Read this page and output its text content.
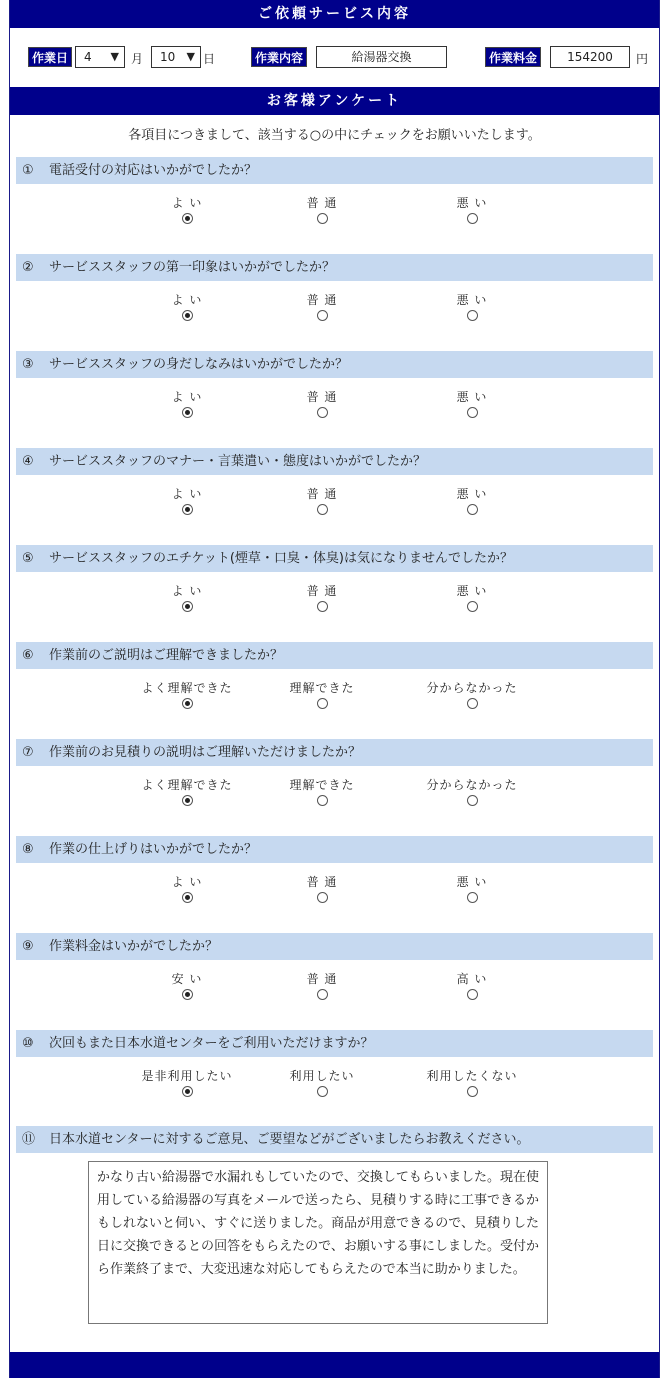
ご依頼サービス内容
作業日	4 ▼ 月	10 ▼ 日	作業内容	給湯器交換	作業料金	154200	円
お客様アンケート
各項目につきまして、該当する○の中にチェックをお願いいたします。
① 電話受付の対応はいかがでしたか？
よ い	普 通	悪 い
② サービススタッフの第一印象はいかがでしたか？
よ い	普 通	悪 い
③ サービススタッフの身だしなみはいかがでしたか？
よ い	普 通	悪 い
④ サービススタッフのマナー・言葉遣い・態度はいかがでしたか？
よ い	普 通	悪 い
⑤ サービススタッフのエチケット(煙草・口臭・体臭)は気になりませんでしたか？
よ い	普 通	悪 い
⑥ 作業前のご説明はご理解できましたか？
よく理解できた	理解できた	分からなかった
⑦ 作業前のお見積りの説明はご理解いただけましたか？
よく理解できた	理解できた	分からなかった
⑧ 作業の仕上げりはいかがでしたか？
よ い	普 通	悪 い
⑨ 作業料金はいかがでしたか？
安 い	普 通	高 い
⑩ 次回もまた日本水道センターをご利用いただけますか？
是非利用したい	利用したい	利用したくない
⑪ 日本水道センターに対するご意見、ご要望などがございましたらお教えください。
かなり古い給湯器で水漏れもしていたので、交換してもらいました。現在使用している給湯器の写真をメールで送ったら、見積りする時に工事できるかもしれないと伺い、すぐに送りました。商品が用意できるので、見積りした日に交換できるとの回答をもらえたので、お願いする事にしました。受付から作業終了まで、大変迅速な対応してもらえたので本当に助かりました。
